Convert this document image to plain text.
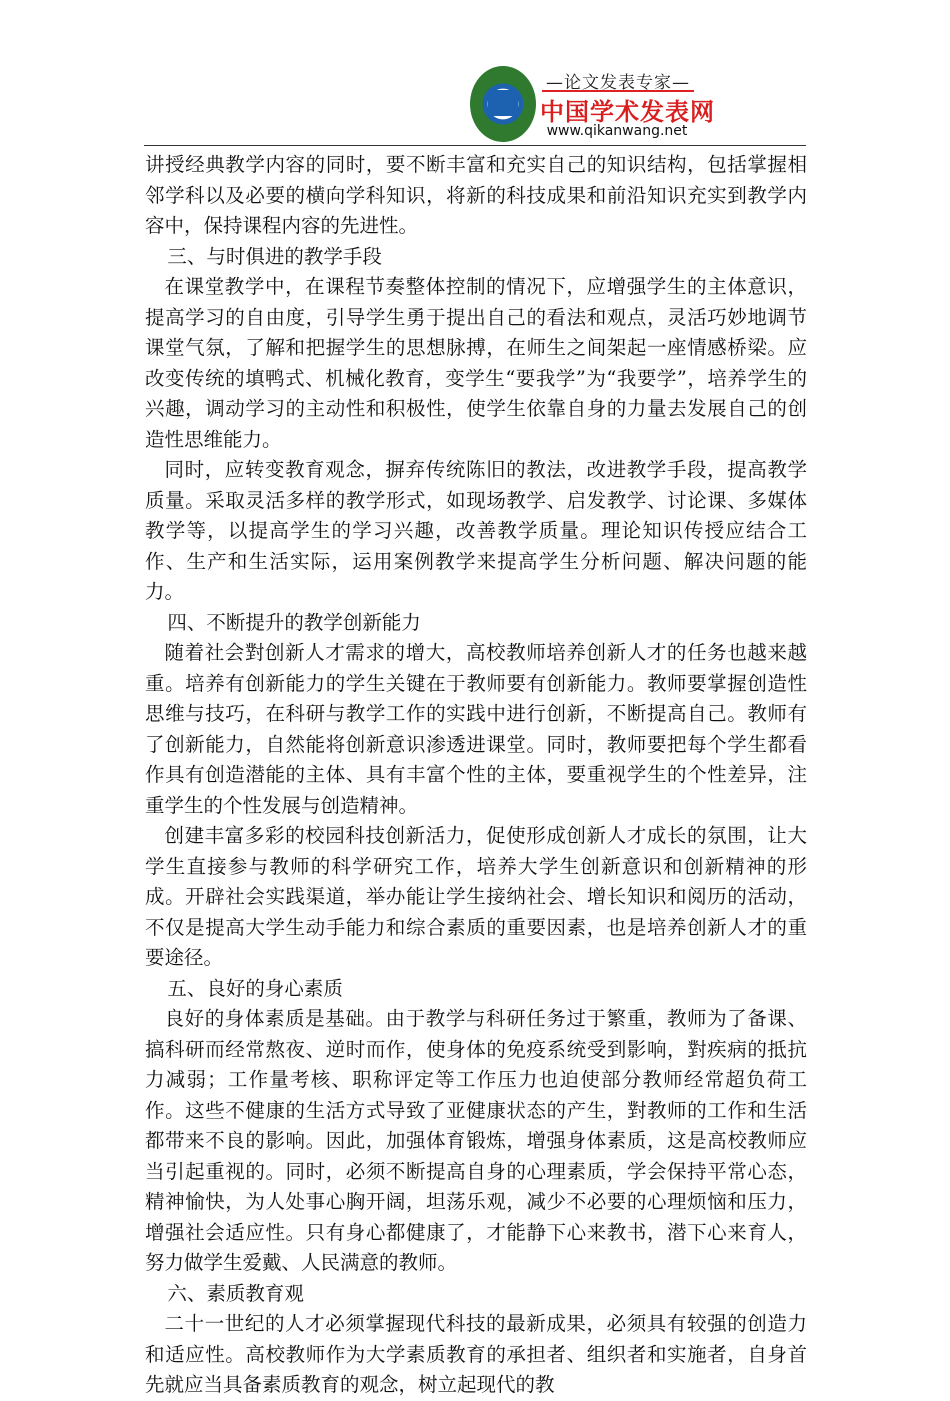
—论文发表专家—
中国学术发表网
www.qikanwang.net

讲授经典教学内容的同时，要不断丰富和充实自己的知识结构，包括掌握相邻学科以及必要的横向学科知识，将新的科技成果和前沿知识充实到教学内容中，保持课程内容的先进性。

三、与时俱进的教学手段

在课堂教学中，在课程节奏整体控制的情况下，应增强学生的主体意识，提高学习的自由度，引导学生勇于提出自己的看法和观点，灵活巧妙地调节课堂气氛，了解和把握学生的思想脉搏，在师生之间架起一座情感桥梁。应改变传统的填鸭式、机械化教育，变学生“要我学”为“我要学”，培养学生的兴趣，调动学习的主动性和积极性，使学生依靠自身的力量去发展自己的创造性思维能力。

同时，应转变教育观念，摒弃传统陈旧的教法，改进教学手段，提高教学质量。采取灵活多样的教学形式，如现场教学、启发教学、讨论课、多媒体教学等，以提高学生的学习兴趣，改善教学质量。理论知识传授应结合工作、生产和生活实际，运用案例教学来提高学生分析问题、解决问题的能力。

四、不断提升的教学创新能力

随着社会對创新人才需求的增大，高校教师培养创新人才的任务也越来越重。培养有创新能力的学生关键在于教师要有创新能力。教师要掌握创造性思维与技巧，在科研与教学工作的实践中进行创新，不断提高自己。教师有了创新能力，自然能将创新意识渗透进课堂。同时，教师要把每个学生都看作具有创造潜能的主体、具有丰富个性的主体，要重视学生的个性差异，注重学生的个性发展与创造精神。

创建丰富多彩的校园科技创新活力，促使形成创新人才成长的氛围，让大学生直接参与教师的科学研究工作，培养大学生创新意识和创新精神的形成。开辟社会实践渠道，举办能让学生接纳社会、增长知识和阅历的活动，不仅是提高大学生动手能力和综合素质的重要因素，也是培养创新人才的重要途径。

五、良好的身心素质

良好的身体素质是基础。由于教学与科研任务过于繁重，教师为了备课、搞科研而经常熬夜、逆时而作，使身体的免疫系统受到影响，對疾病的抵抗力减弱；工作量考核、职称评定等工作压力也迫使部分教师经常超负荷工作。这些不健康的生活方式导致了亚健康状态的产生，對教师的工作和生活都带来不良的影响。因此，加强体育锻炼，增强身体素质，这是高校教师应当引起重视的。同时，必须不断提高自身的心理素质，学会保持平常心态，精神愉快，为人处事心胸开阔，坦荡乐观，减少不必要的心理烦恼和压力，增强社会适应性。只有身心都健康了，才能静下心来教书，潜下心来育人，努力做学生爱戴、人民满意的教师。

六、素质教育观

二十一世纪的人才必须掌握现代科技的最新成果，必须具有较强的创造力和适应性。高校教师作为大学素质教育的承担者、组织者和实施者，自身首先就应当具备素质教育的观念，树立起现代的教
